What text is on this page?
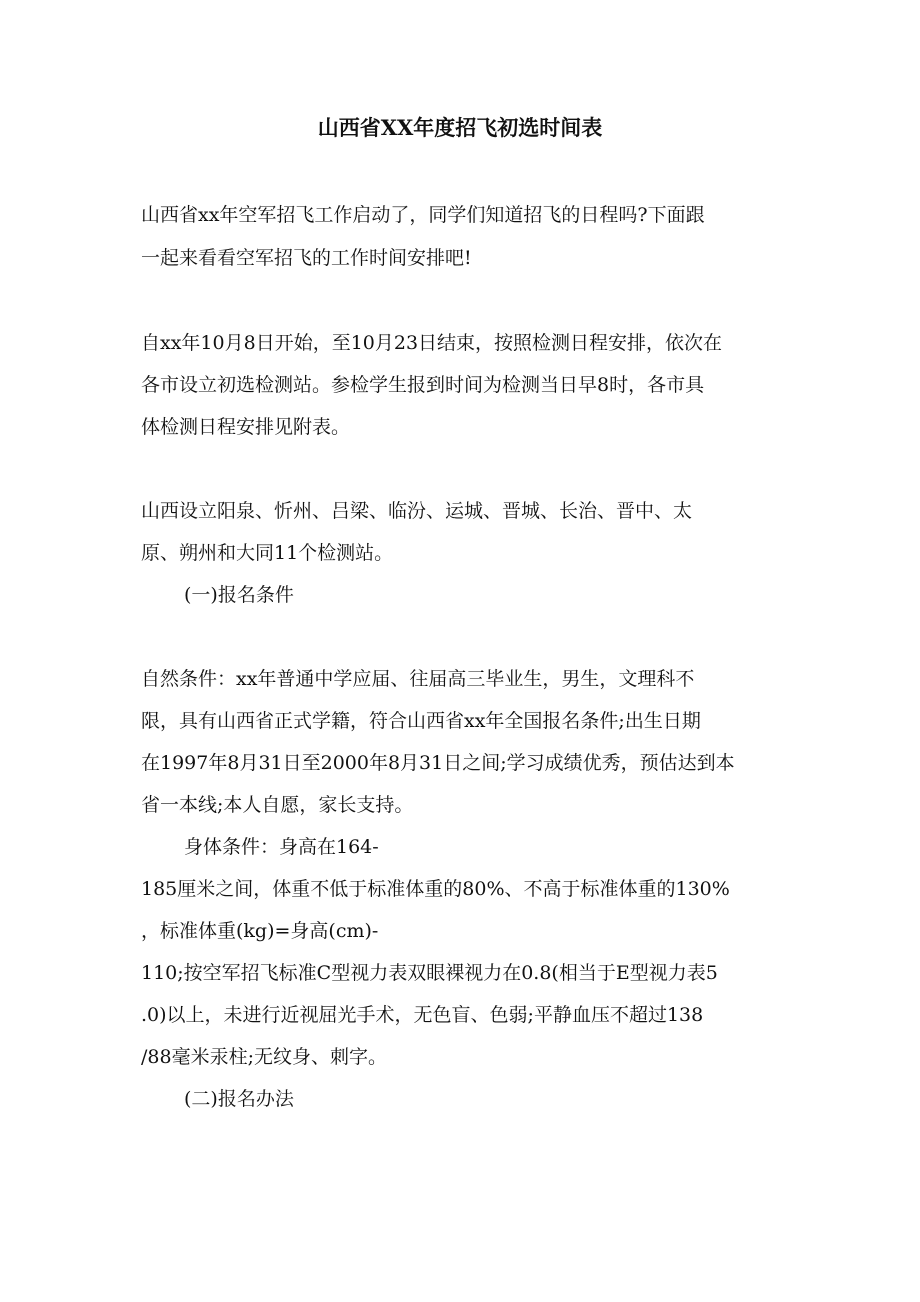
山西省XX年度招飞初选时间表
山西省xx年空军招飞工作启动了，同学们知道招飞的日程吗?下面跟
一起来看看空军招飞的工作时间安排吧!
自xx年10月8日开始，至10月23日结束，按照检测日程安排，依次在
各市设立初选检测站。参检学生报到时间为检测当日早8时，各市具
体检测日程安排见附表。
山西设立阳泉、忻州、吕梁、临汾、运城、晋城、长治、晋中、太
原、朔州和大同11个检测站。
(一)报名条件
自然条件：xx年普通中学应届、往届高三毕业生，男生，文理科不
限，具有山西省正式学籍，符合山西省xx年全国报名条件;出生日期
在1997年8月31日至2000年8月31日之间;学习成绩优秀，预估达到本
省一本线;本人自愿，家长支持。
身体条件：身高在164-
185厘米之间，体重不低于标准体重的80%、不高于标准体重的130%
，标准体重(kg)=身高(cm)-
110;按空军招飞标准C型视力表双眼裸视力在0.8(相当于E型视力表5
.0)以上，未进行近视屈光手术，无色盲、色弱;平静血压不超过138
/88毫米汞柱;无纹身、刺字。
(二)报名办法
